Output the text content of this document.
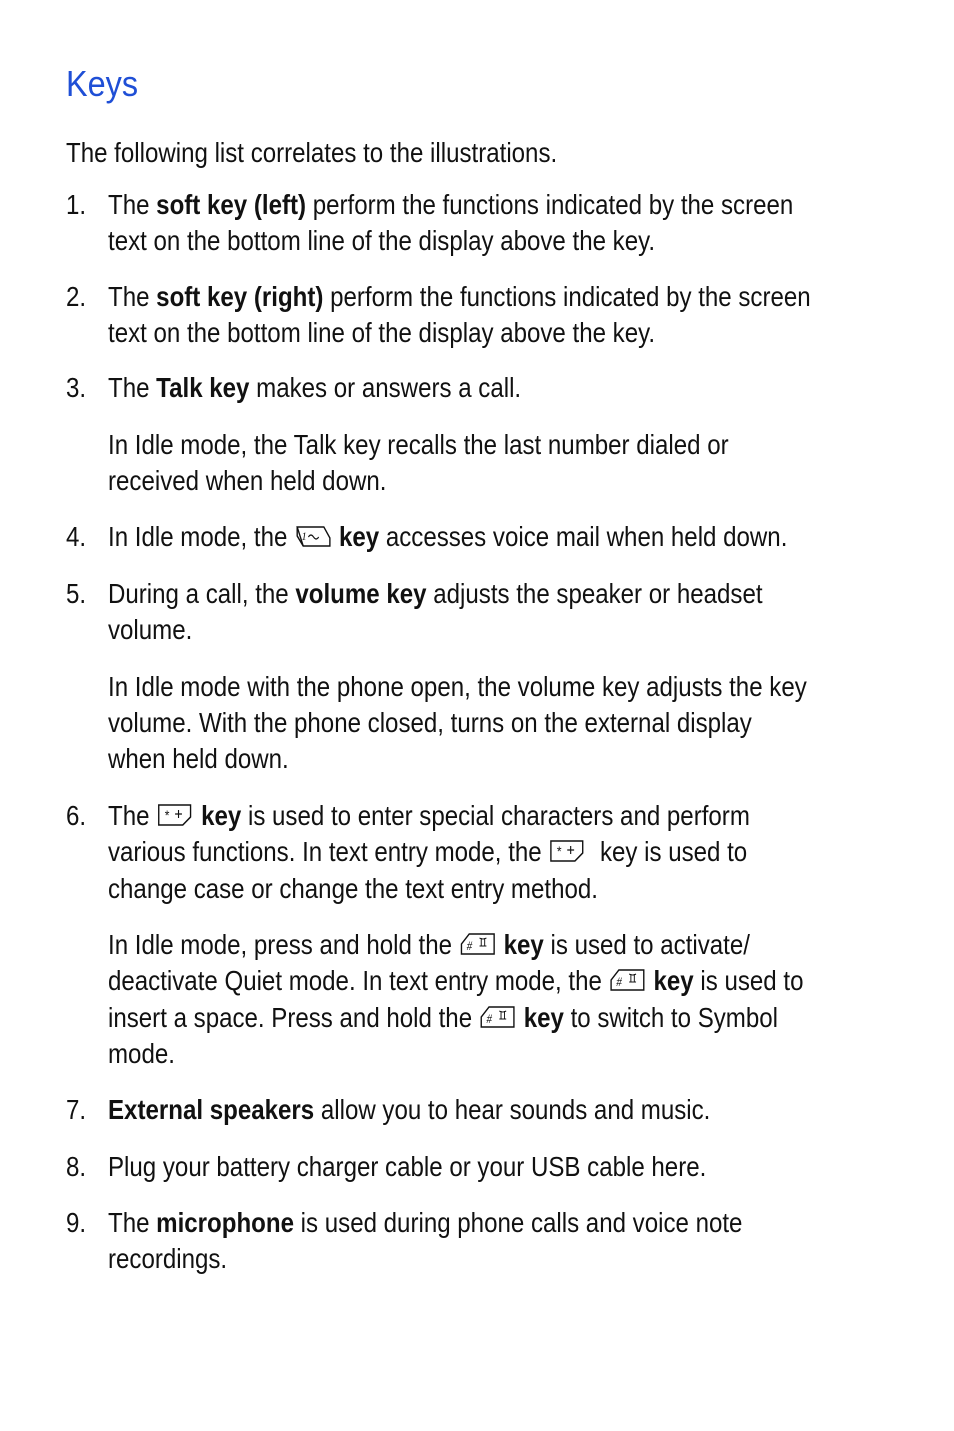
Keys

The following list correlates to the illustrations.

1. The soft key (left) perform the functions indicated by the screen

text on the bottom line of the display above the key.

2. The soft key (right) perform the functions indicated by the screen

text on the bottom line of the display above the key.

3. The Talk key makes or answers a call.

In Idle mode, the Talk key recalls the last number dialed or

received when held down.

4. In Idle mode, the 1 key accesses voice mail when held down.

5. During a call, the volume key adjusts the speaker or headset

volume.

In Idle mode with the phone open, the volume key adjusts the key

volume. With the phone closed, turns on the external display

when held down.

6. The * key is used to enter special characters and perform

various functions. In text entry mode, the * key is used to

change case or change the text entry method.

In Idle mode, press and hold the # key is used to activate/

deactivate Quiet mode. In text entry mode, the # key is used to

insert a space. Press and hold the # key to switch to Symbol

mode.

7. External speakers allow you to hear sounds and music.

8. Plug your battery charger cable or your USB cable here.

9. The microphone is used during phone calls and voice note

recordings.
